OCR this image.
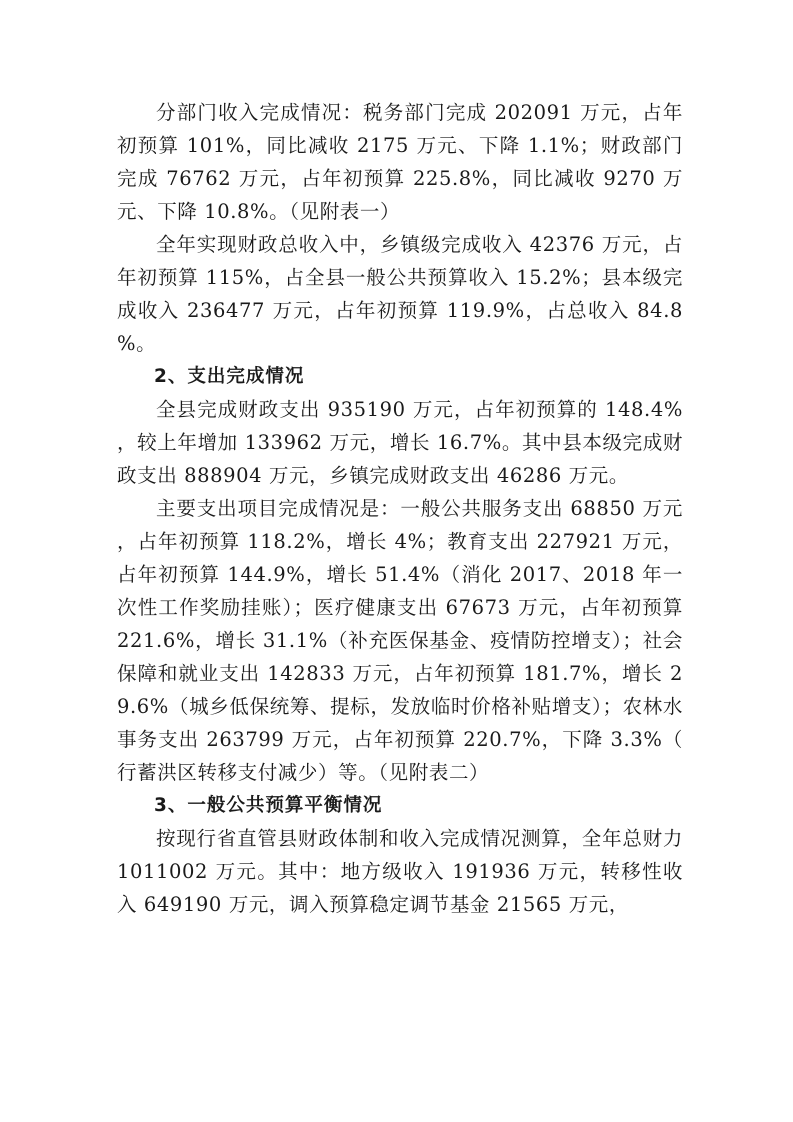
分部门收入完成情况：税务部门完成 202091 万元，占年初预算 101%，同比减收 2175 万元、下降 1.1%；财政部门完成 76762 万元，占年初预算 225.8%，同比减收 9270 万元、下降 10.8%。（见附表一）

全年实现财政总收入中，乡镇级完成收入 42376 万元，占年初预算 115%，占全县一般公共预算收入 15.2%；县本级完成收入 236477 万元，占年初预算 119.9%，占总收入 84.8%。

2、支出完成情况

全县完成财政支出 935190 万元，占年初预算的 148.4%，较上年增加 133962 万元，增长 16.7%。其中县本级完成财政支出 888904 万元，乡镇完成财政支出 46286 万元。

主要支出项目完成情况是：一般公共服务支出 68850 万元，占年初预算 118.2%，增长 4%；教育支出 227921 万元，占年初预算 144.9%，增长 51.4%（消化 2017、2018 年一次性工作奖励挂账）；医疗健康支出 67673 万元，占年初预算 221.6%，增长 31.1%（补充医保基金、疫情防控增支）；社会保障和就业支出 142833 万元，占年初预算 181.7%，增长 29.6%（城乡低保统筹、提标，发放临时价格补贴增支）；农林水事务支出 263799 万元，占年初预算 220.7%，下降 3.3%（行蓄洪区转移支付减少）等。（见附表二）

3、一般公共预算平衡情况

按现行省直管县财政体制和收入完成情况测算，全年总财力 1011002 万元。其中：地方级收入 191936 万元，转移性收入 649190 万元，调入预算稳定调节基金 21565 万元，
